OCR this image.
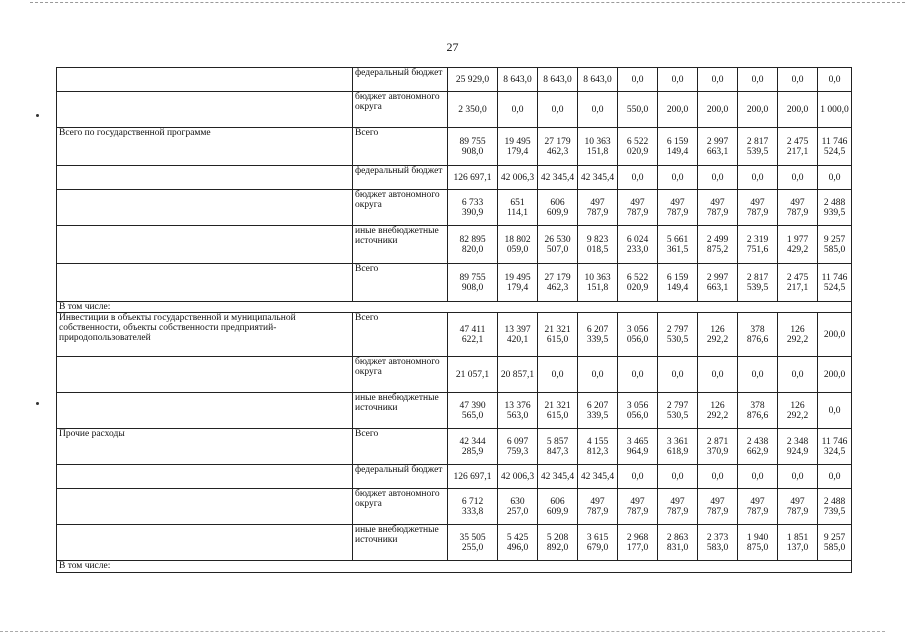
27
	федеральный бюджет	25 929,0	8 643,0	8 643,0	8 643,0	0,0	0,0	0,0	0,0	0,0	0,0
	бюджет автономного округа	2 350,0	0,0	0,0	0,0	550,0	200,0	200,0	200,0	200,0	1 000,0
Всего по государственной программе	Всего	89 755 908,0	19 495 179,4	27 179 462,3	10 363 151,8	6 522 020,9	6 159 149,4	2 997 663,1	2 817 539,5	2 475 217,1	11 746 524,5
	федеральный бюджет	126 697,1	42 006,3	42 345,4	42 345,4	0,0	0,0	0,0	0,0	0,0	0,0
	бюджет автономного округа	6 733 390,9	651 114,1	606 609,9	497 787,9	497 787,9	497 787,9	497 787,9	497 787,9	497 787,9	2 488 939,5
	иные внебюджетные источники	82 895 820,0	18 802 059,0	26 530 507,0	9 823 018,5	6 024 233,0	5 661 361,5	2 499 875,2	2 319 751,6	1 977 429,2	9 257 585,0
	Всего	89 755 908,0	19 495 179,4	27 179 462,3	10 363 151,8	6 522 020,9	6 159 149,4	2 997 663,1	2 817 539,5	2 475 217,1	11 746 524,5
В том числе:											
Инвестиции в объекты государственной и муниципальной собственности, объекты собственности предприятий-природопользователей	Всего	47 411 622,1	13 397 420,1	21 321 615,0	6 207 339,5	3 056 056,0	2 797 530,5	126 292,2	378 876,6	126 292,2	200,0
	бюджет автономного округа	21 057,1	20 857,1	0,0	0,0	0,0	0,0	0,0	0,0	0,0	200,0
	иные внебюджетные источники	47 390 565,0	13 376 563,0	21 321 615,0	6 207 339,5	3 056 056,0	2 797 530,5	126 292,2	378 876,6	126 292,2	0,0
Прочие расходы	Всего	42 344 285,9	6 097 759,3	5 857 847,3	4 155 812,3	3 465 964,9	3 361 618,9	2 871 370,9	2 438 662,9	2 348 924,9	11 746 324,5
	федеральный бюджет	126 697,1	42 006,3	42 345,4	42 345,4	0,0	0,0	0,0	0,0	0,0	0,0
	бюджет автономного округа	6 712 333,8	630 257,0	606 609,9	497 787,9	497 787,9	497 787,9	497 787,9	497 787,9	497 787,9	2 488 739,5
	иные внебюджетные источники	35 505 255,0	5 425 496,0	5 208 892,0	3 615 679,0	2 968 177,0	2 863 831,0	2 373 583,0	1 940 875,0	1 851 137,0	9 257 585,0
В том числе:											
